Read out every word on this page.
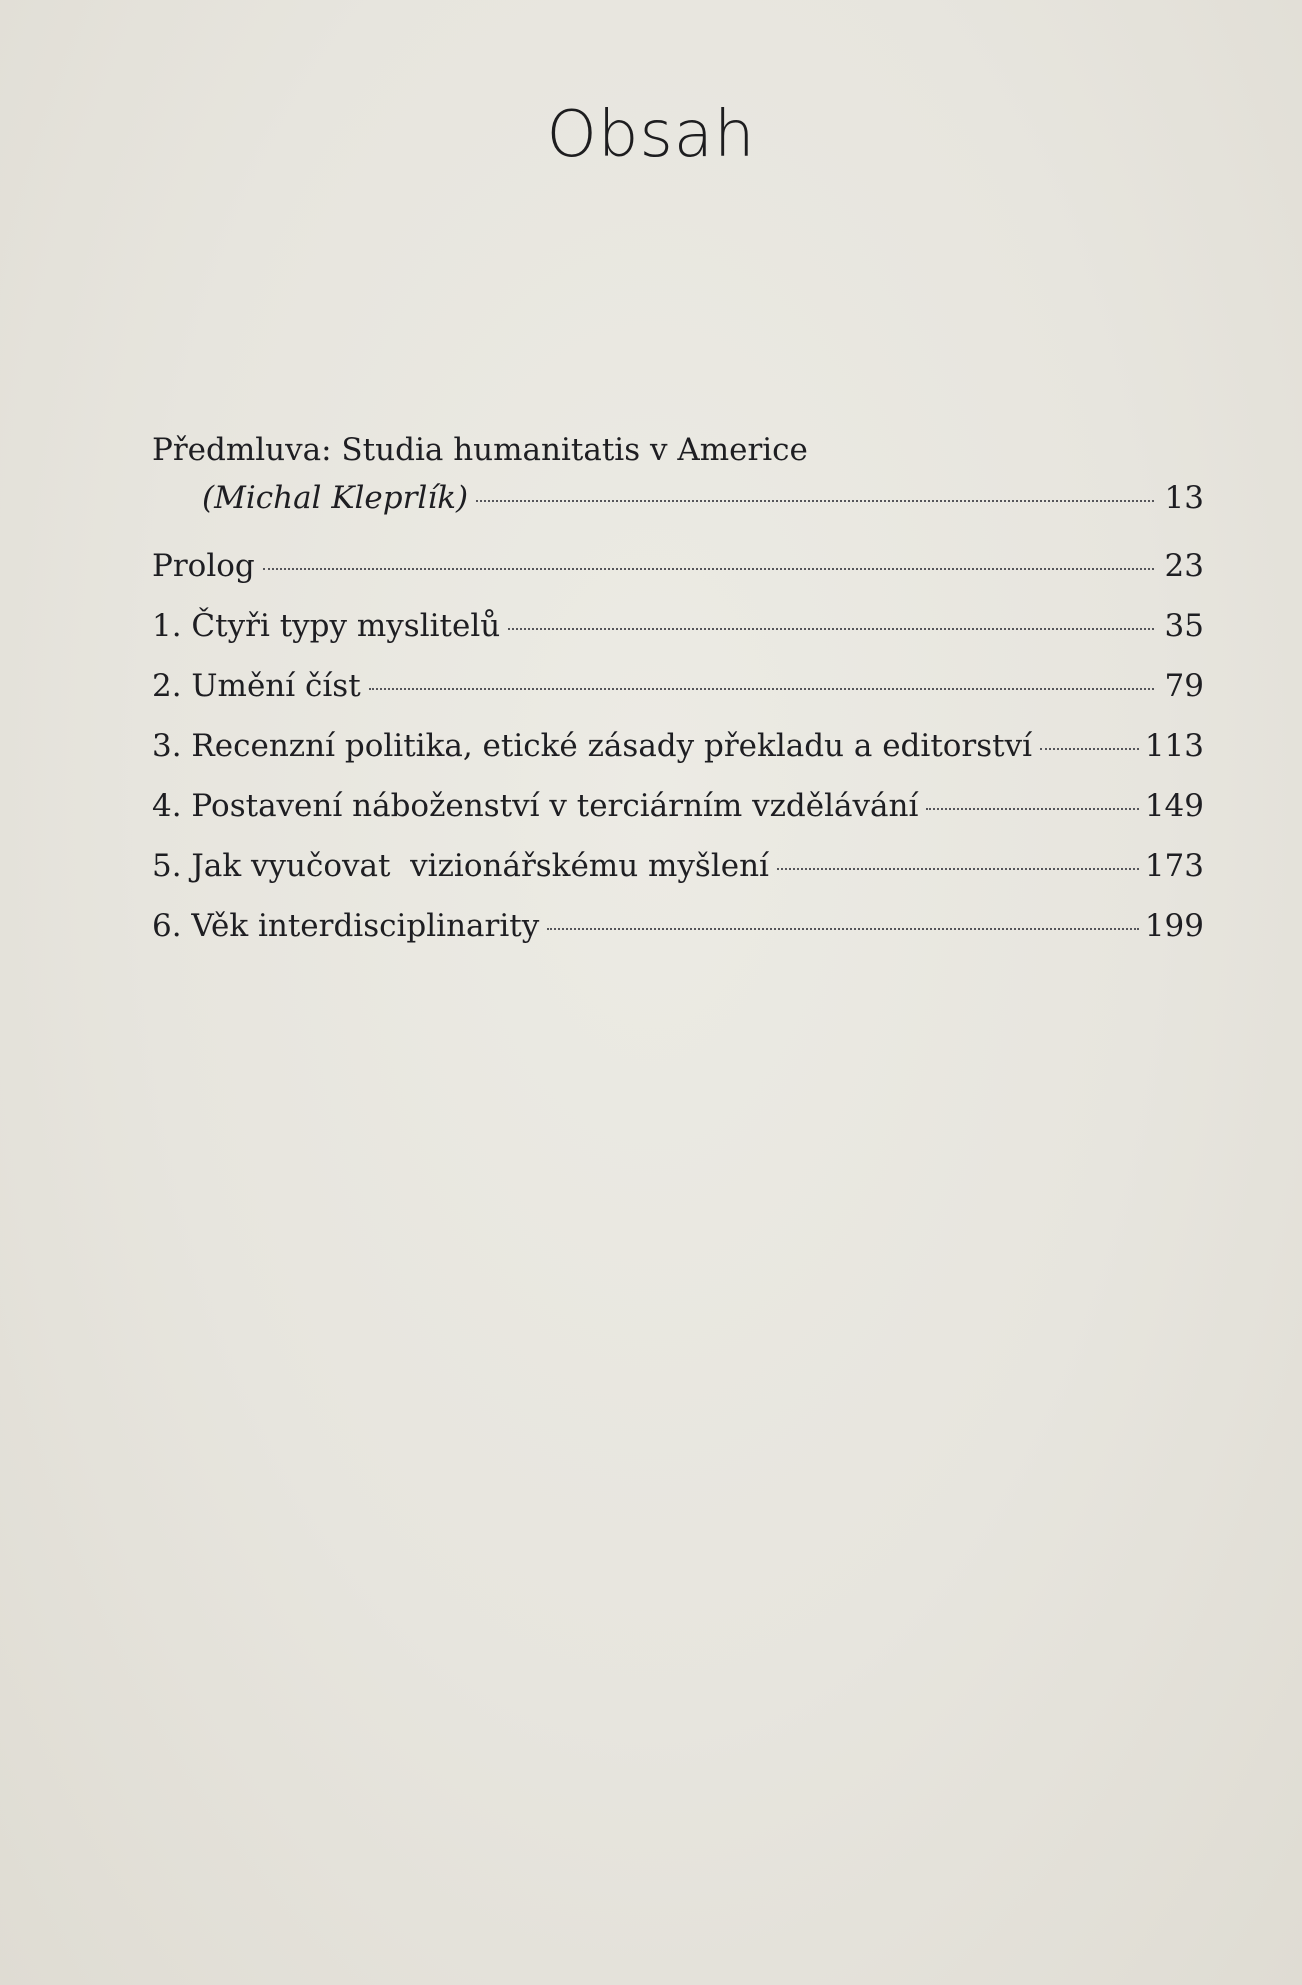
Obsah
Předmluva: Studia humanitatis v Americe
(Michal Kleprlík)	13
Prolog	23
1. Čtyři typy myslitelů	35
2. Umění číst	79
3. Recenzní politika, etické zásady překladu a editorství	113
4. Postavení náboženství v terciárním vzdělávání	149
5. Jak vyučovat  vizionářskému myšlení	173
6. Věk interdisciplinarity	199
